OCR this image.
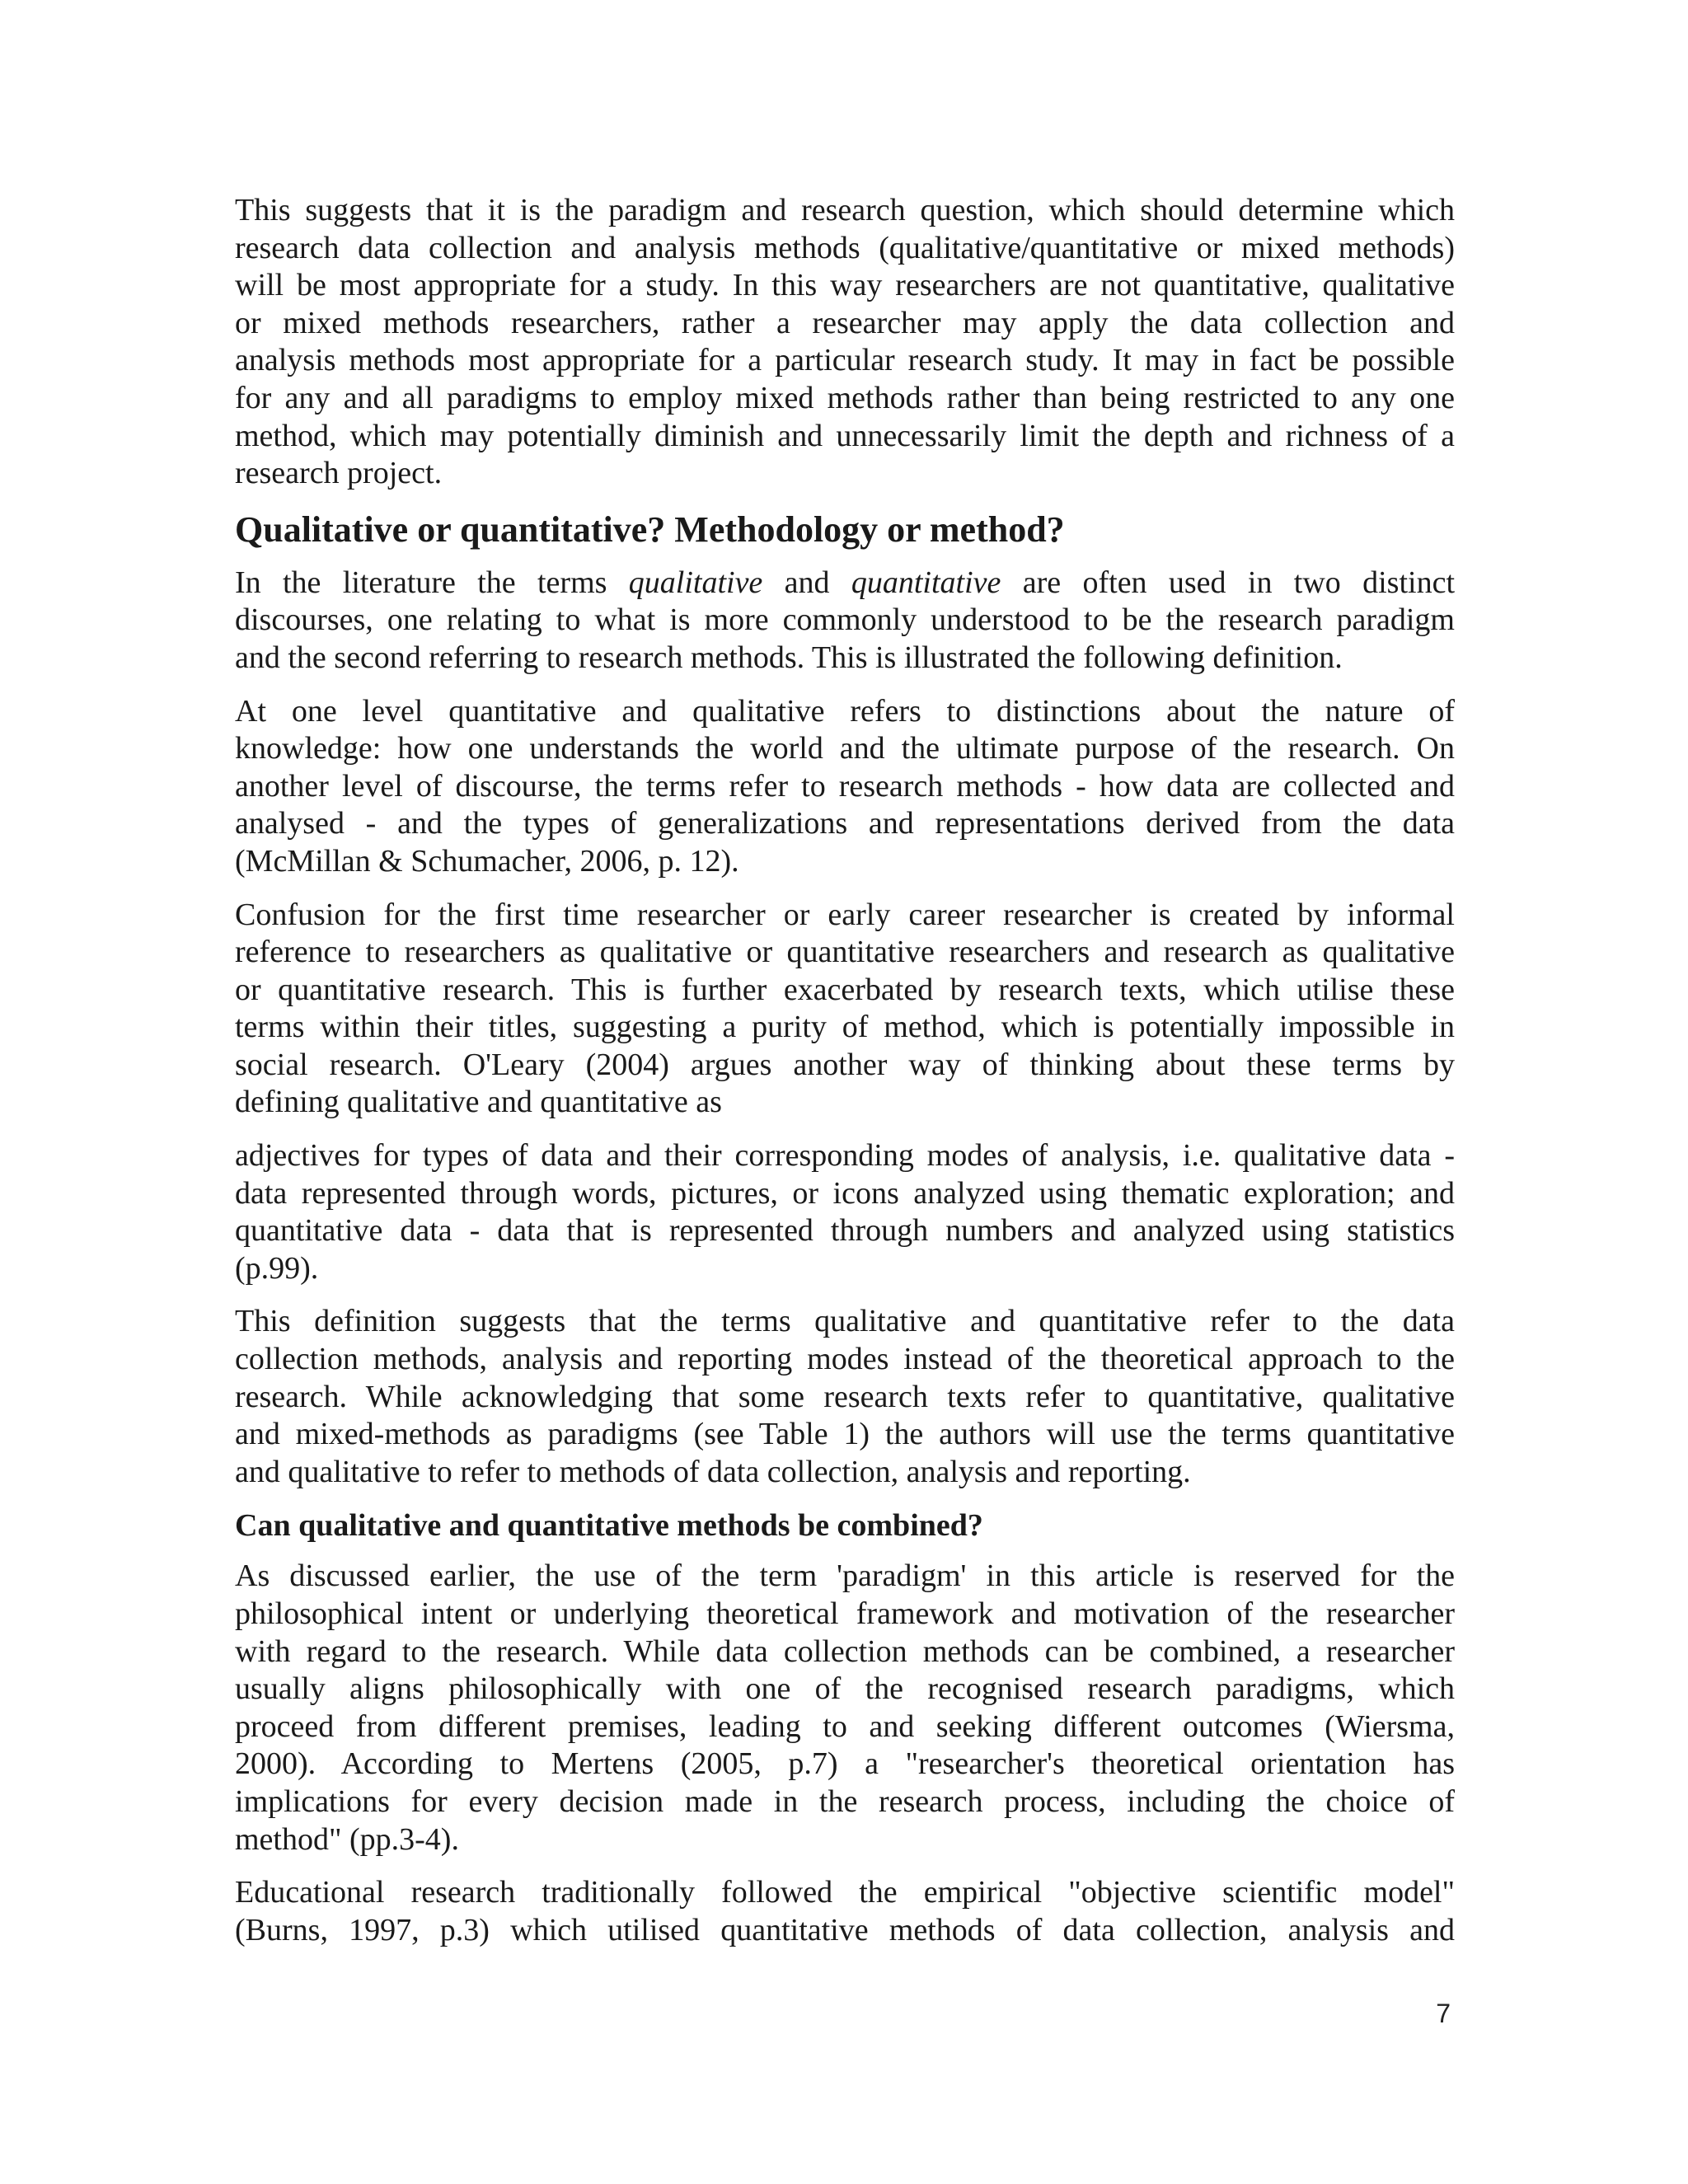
This suggests that it is the paradigm and research question, which should determine which
research data collection and analysis methods (qualitative/quantitative or mixed methods)
will be most appropriate for a study. In this way researchers are not quantitative, qualitative
or mixed methods researchers, rather a researcher may apply the data collection and
analysis methods most appropriate for a particular research study. It may in fact be possible
for any and all paradigms to employ mixed methods rather than being restricted to any one
method, which may potentially diminish and unnecessarily limit the depth and richness of a
research project.

Qualitative or quantitative? Methodology or method?

In the literature the terms qualitative and quantitative are often used in two distinct
discourses, one relating to what is more commonly understood to be the research paradigm
and the second referring to research methods. This is illustrated the following definition.

At one level quantitative and qualitative refers to distinctions about the nature of
knowledge: how one understands the world and the ultimate purpose of the research. On
another level of discourse, the terms refer to research methods - how data are collected and
analysed - and the types of generalizations and representations derived from the data
(McMillan & Schumacher, 2006, p. 12).

Confusion for the first time researcher or early career researcher is created by informal
reference to researchers as qualitative or quantitative researchers and research as qualitative
or quantitative research. This is further exacerbated by research texts, which utilise these
terms within their titles, suggesting a purity of method, which is potentially impossible in
social research. O'Leary (2004) argues another way of thinking about these terms by
defining qualitative and quantitative as

adjectives for types of data and their corresponding modes of analysis, i.e. qualitative data -
data represented through words, pictures, or icons analyzed using thematic exploration; and
quantitative data - data that is represented through numbers and analyzed using statistics
(p.99).

This definition suggests that the terms qualitative and quantitative refer to the data
collection methods, analysis and reporting modes instead of the theoretical approach to the
research. While acknowledging that some research texts refer to quantitative, qualitative
and mixed-methods as paradigms (see Table 1) the authors will use the terms quantitative
and qualitative to refer to methods of data collection, analysis and reporting.

Can qualitative and quantitative methods be combined?

As discussed earlier, the use of the term 'paradigm' in this article is reserved for the
philosophical intent or underlying theoretical framework and motivation of the researcher
with regard to the research. While data collection methods can be combined, a researcher
usually aligns philosophically with one of the recognised research paradigms, which
proceed from different premises, leading to and seeking different outcomes (Wiersma,
2000). According to Mertens (2005, p.7) a "researcher's theoretical orientation has
implications for every decision made in the research process, including the choice of
method" (pp.3-4).

Educational research traditionally followed the empirical "objective scientific model"
(Burns, 1997, p.3) which utilised quantitative methods of data collection, analysis and

7
